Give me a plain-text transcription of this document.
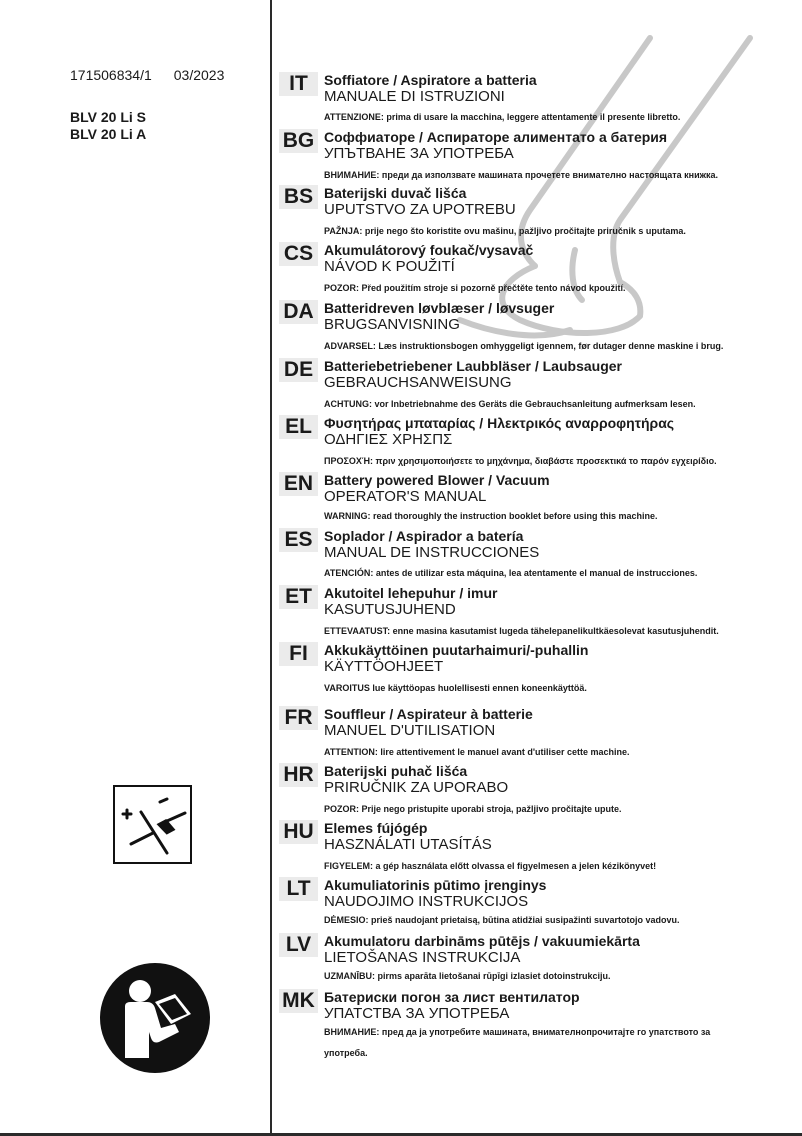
171506834/1 03/2023
BLV 20 Li S
BLV 20 Li A
IT	Soffiatore / Aspiratore a batteria
MANUALE DI ISTRUZIONI
ATTENZIONE: prima di usare la macchina, leggere attentamente il presente libretto.
BG Соффиаторе / Аспираторе алиментато а батерия
УПЪТВАНЕ ЗА УПОТРЕБА
ВНИМАНИЕ: преди да използвате машината прочетете внимателно настоящата книжка.
BS Baterijski duvač lišća
UPUTSTVO ZA UPOTREBU
PAŽNJA: prije nego što koristite ovu mašinu, pažljivo pročitajte priručnik s uputama.
CS Akumulátorový foukač/vysavač
NÁVOD K POUŽITÍ
POZOR: Před použitím stroje si pozorně přečtěte tento návod kpoužití.
DA Batteridreven løvblæser / løvsuger
BRUGSANVISNING
ADVARSEL: Læs instruktionsbogen omhyggeligt igennem, før dutager denne maskine i brug.
DE Batteriebetriebener Laubbläser / Laubsauger
GEBRAUCHSANWEISUNG
ACHTUNG: vor Inbetriebnahme des Geräts die Gebrauchsanleitung aufmerksam lesen.
EL Φυσητήρας μπαταρίας / Ηλεκτρικός αναρροφητήρας
ΟΔΗΓΙΕΣ ΧΡΗΣΠΣ
ΠΡΟΣΟΧΉ: πριν χρησιμοποιήσετε το μηχάνημα, διαβάστε προσεκτικά το παρόν εγχειρίδιο.
EN Battery powered Blower / Vacuum
OPERATOR'S MANUAL
WARNING: read thoroughly the instruction booklet before using this machine.
ES Soplador / Aspirador a batería
MANUAL DE INSTRUCCIONES
ATENCIÓN: antes de utilizar esta máquina, lea atentamente el manual de instrucciones.
ET Akutoitel lehepuhur / imur
KASUTUSJUHEND
ETTEVAATUST: enne masina kasutamist lugeda tähelepanelikultkäesolevat kasutusjuhendit.
FI	Akkukäyttöinen puutarhaimuri/-puhallin
KÄYTTÖOHJEET
VAROITUS lue käyttöopas huolellisesti ennen koneenkäyttöä.
FR Souffleur / Aspirateur à batterie
MANUEL D'UTILISATION
ATTENTION: lire attentivement le manuel avant d'utiliser cette machine.
HR Baterijski puhač lišća
PRIRUČNIK ZA UPORABO
POZOR: Prije nego pristupite uporabi stroja, pažljivo pročitajte upute.
HU Elemes fújógép
HASZNÁLATI UTASÍTÁS
FIGYELEM: a gép használata előtt olvassa el figyelmesen a jelen kézikönyvet!
LT Akumuliatorinis pūtimo įrenginys
NAUDOJIMO INSTRUKCIJOS
DĖMESIO: prieš naudojant prietaisą, būtina atidžiai susipažinti suvartotojo vadovu.
LV Akumulatoru darbināms pūtējs / vakuumiekārta
LIETOŠANAS INSTRUKCIJA
UZMANĪBU: pirms aparāta lietošanai rūpīgi izlasiet dotoinstrukciju.
MK Батериски погон за лист вентилатор
УПАТСТВА ЗА УПОТРЕБА
ВНИМАНИЕ: пред да ја употребите машината, внимателнопрочитајте го упатството за употреба.
